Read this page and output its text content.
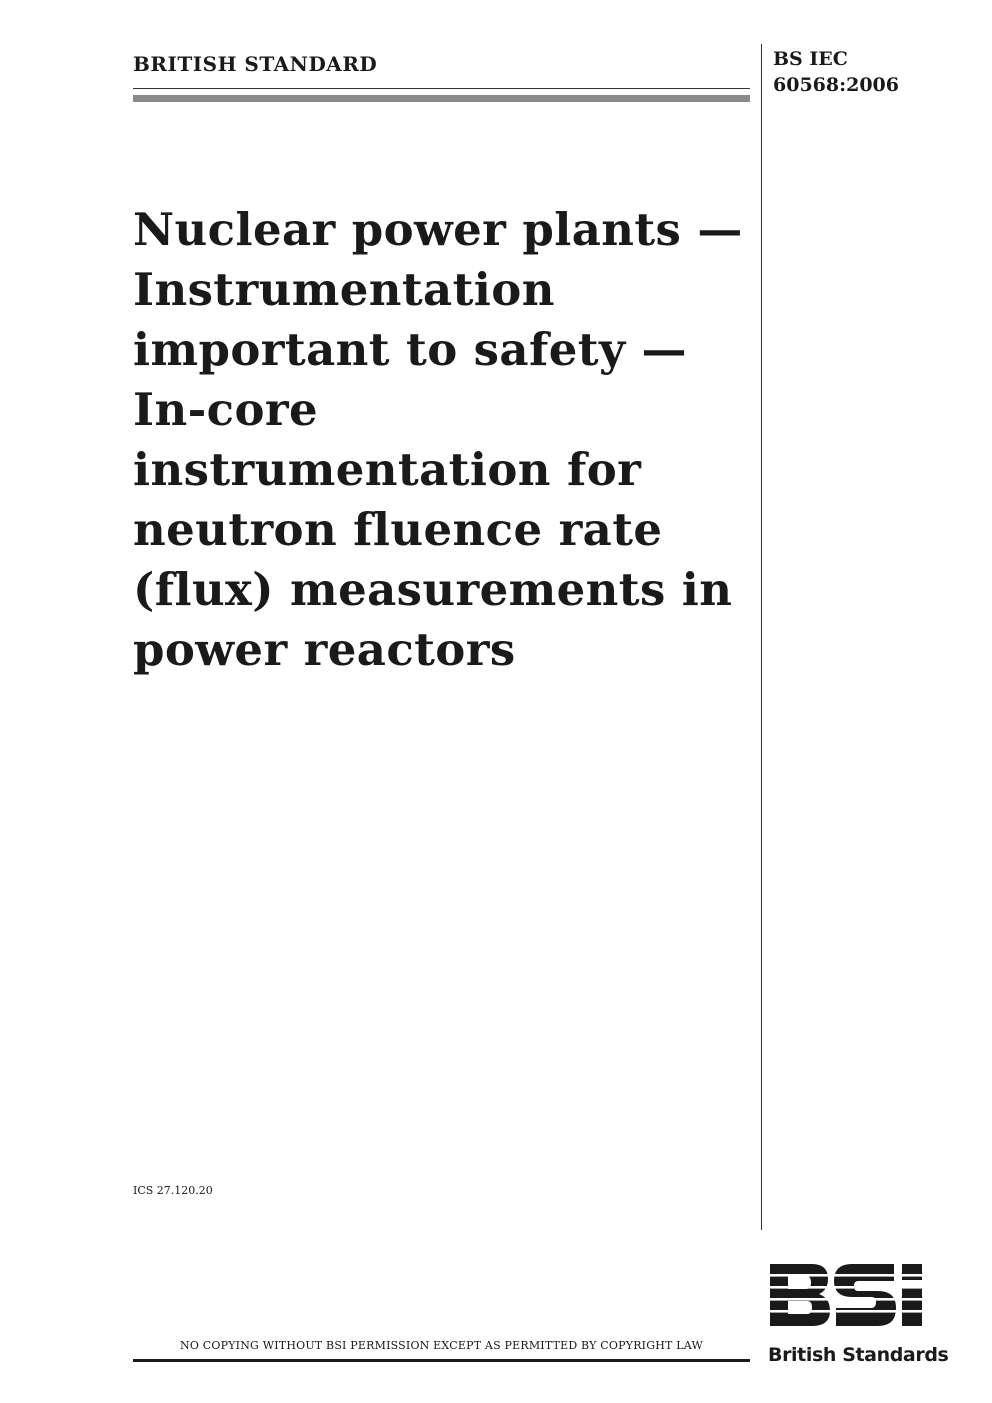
BRITISH STANDARD	BS IEC
60568:2006
Nuclear power plants —
Instrumentation
important to safety —
In-core
instrumentation for
neutron fluence rate
(flux) measurements in
power reactors
ICS 27.120.20
NO COPYING WITHOUT BSI PERMISSION EXCEPT AS PERMITTED BY COPYRIGHT LAW	British Standards
